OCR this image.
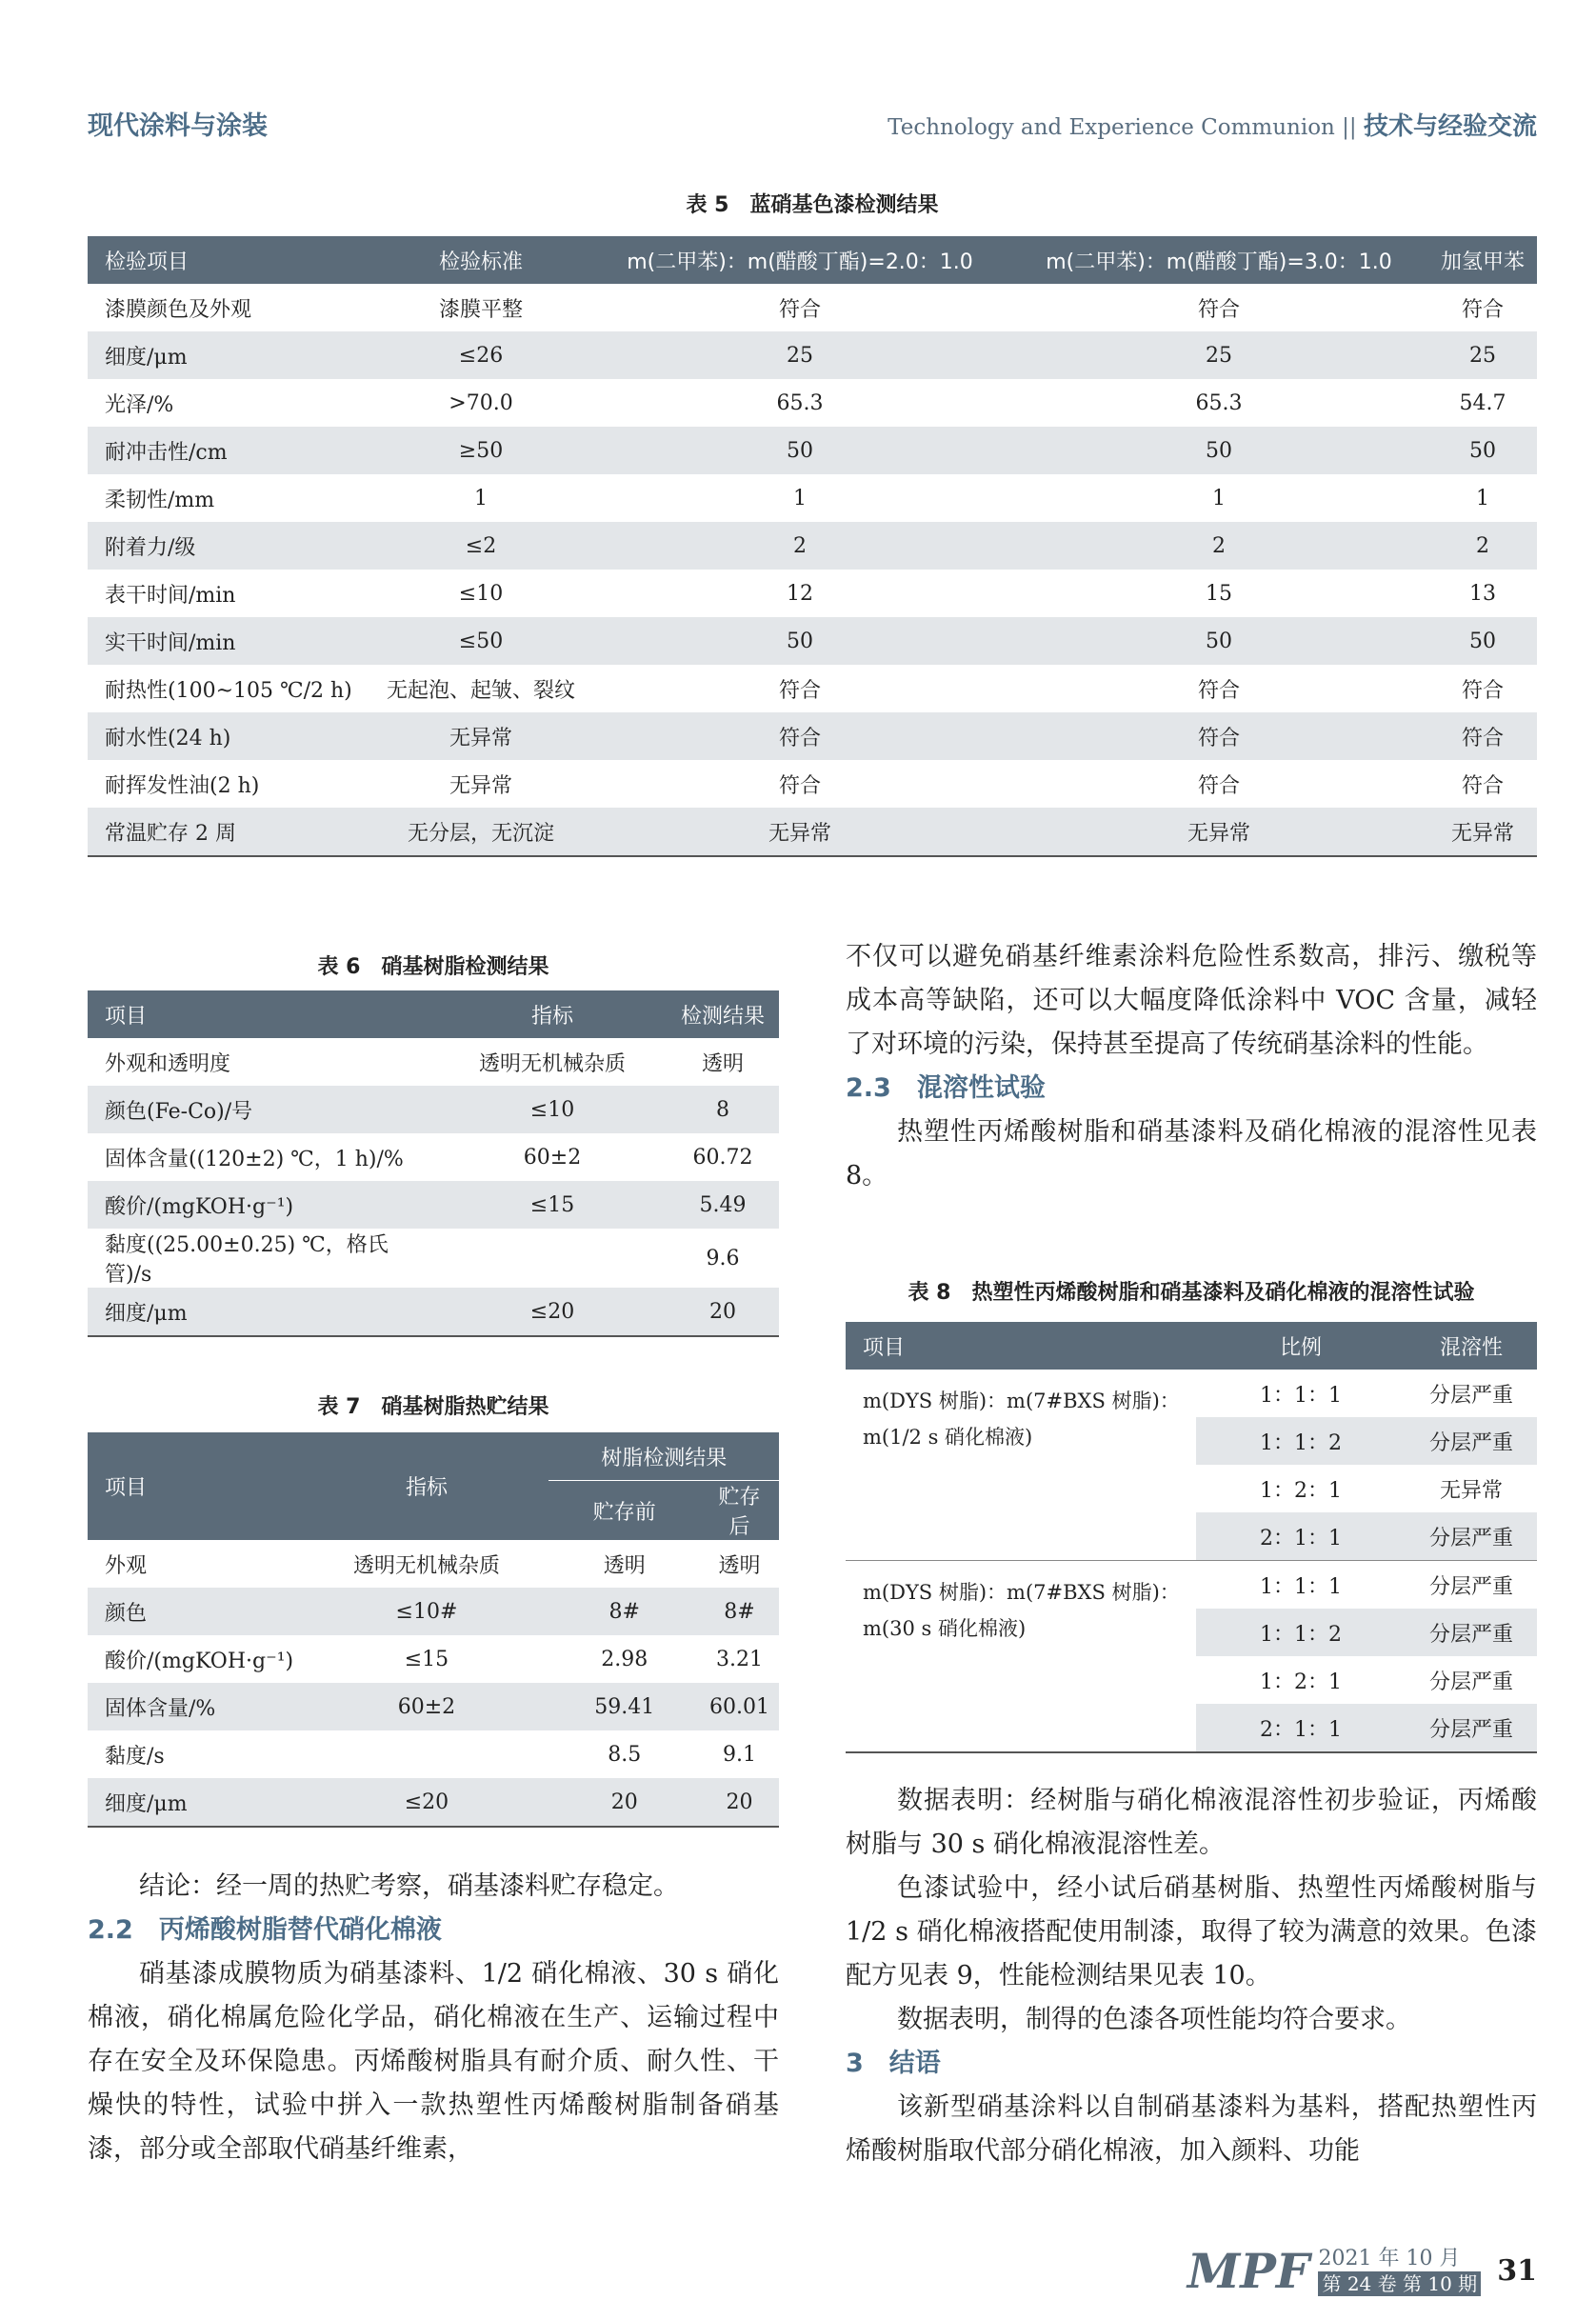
现代涂料与涂装	Technology and Experience Communion || 技术与经验交流
表 5　蓝硝基色漆检测结果
检验项目	检验标准	m(二甲苯)：m(醋酸丁酯)=2.0：1.0	m(二甲苯)：m(醋酸丁酯)=3.0：1.0	加氢甲苯
漆膜颜色及外观	漆膜平整	符合	符合	符合
细度/μm	≤26	25	25	25
光泽/%	>70.0	65.3	65.3	54.7
耐冲击性/cm	≥50	50	50	50
柔韧性/mm	1	1	1	1
附着力/级	≤2	2	2	2
表干时间/min	≤10	12	15	13
实干时间/min	≤50	50	50	50
耐热性(100~105 ℃/2 h)	无起泡、起皱、裂纹	符合	符合	符合
耐水性(24 h)	无异常	符合	符合	符合
耐挥发性油(2 h)	无异常	符合	符合	符合
常温贮存 2 周	无分层，无沉淀	无异常	无异常	无异常
表 6　硝基树脂检测结果
项目	指标	检测结果
外观和透明度	透明无机械杂质	透明
颜色(Fe-Co)/号	≤10	8
固体含量((120±2) ℃，1 h)/%	60±2	60.72
酸价/(mgKOH·g⁻¹)	≤15	5.49
黏度((25.00±0.25) ℃，格氏管)/s		9.6
细度/μm	≤20	20
表 7　硝基树脂热贮结果
项目	指标	树脂检测结果	
		贮存前	贮存后
外观	透明无机械杂质	透明	透明
颜色	≤10#	8#	8#
酸价/(mgKOH·g⁻¹)	≤15	2.98	3.21
固体含量/%	60±2	59.41	60.01
黏度/s		8.5	9.1
细度/μm	≤20	20	20

结论：经一周的热贮考察，硝基漆料贮存稳定。

2.2　丙烯酸树脂替代硝化棉液

硝基漆成膜物质为硝基漆料、1/2 硝化棉液、30 s 硝化棉液，硝化棉属危险化学品，硝化棉液在生产、运输过程中存在安全及环保隐患。丙烯酸树脂具有耐介质、耐久性、干燥快的特性，试验中拼入一款热塑性丙烯酸树脂制备硝基漆，部分或全部取代硝基纤维素，

不仅可以避免硝基纤维素涂料危险性系数高，排污、缴税等成本高等缺陷，还可以大幅度降低涂料中 VOC 含量，减轻了对环境的污染，保持甚至提高了传统硝基涂料的性能。

2.3　混溶性试验

热塑性丙烯酸树脂和硝基漆料及硝化棉液的混溶性见表 8。

表 8　热塑性丙烯酸树脂和硝基漆料及硝化棉液的混溶性试验
项目	比例	混溶性
m(DYS 树脂)：m(7#BXS 树脂)：m(1/2 s 硝化棉液)	1：1：1	分层严重
	1：1：2	分层严重
	1：2：1	无异常
	2：1：1	分层严重
m(DYS 树脂)：m(7#BXS 树脂)：m(30 s 硝化棉液)	1：1：1	分层严重
	1：1：2	分层严重
	1：2：1	分层严重
	2：1：1	分层严重

数据表明：经树脂与硝化棉液混溶性初步验证，丙烯酸树脂与 30 s 硝化棉液混溶性差。

色漆试验中，经小试后硝基树脂、热塑性丙烯酸树脂与 1/2 s 硝化棉液搭配使用制漆，取得了较为满意的效果。色漆配方见表 9，性能检测结果见表 10。

数据表明，制得的色漆各项性能均符合要求。

3　结语

该新型硝基涂料以自制硝基漆料为基料，搭配热塑性丙烯酸树脂取代部分硝化棉液，加入颜料、功能

MPF 2021 年 10 月
第 24 卷 第 10 期 31
